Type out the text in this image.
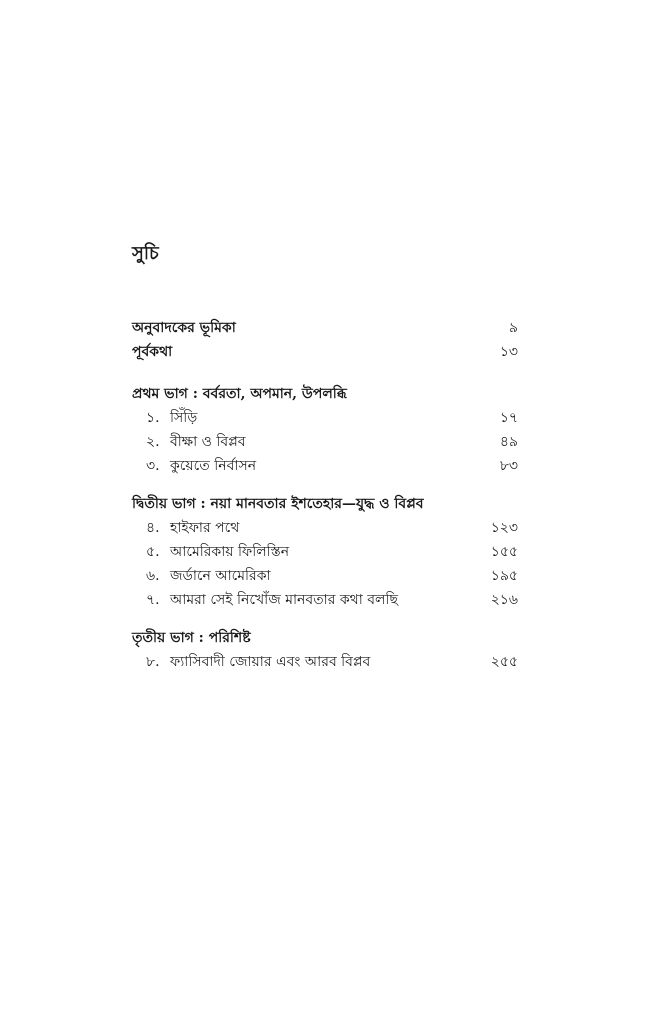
সুচি
অনুবাদকের ভূমিকা	৯
পূর্বকথা	১৩
প্রথম ভাগ : বর্বরতা, অপমান, উপলব্ধি
১. সিঁড়ি	১৭
২. বীক্ষা ও বিপ্লব	৪৯
৩. কুয়েতে নির্বাসন	৮৩
দ্বিতীয় ভাগ : নয়া মানবতার ইশতেহার—যুদ্ধ ও বিপ্লব
৪. হাইফার পথে	১২৩
৫. আমেরিকায় ফিলিস্তিন	১৫৫
৬. জর্ডানে আমেরিকা	১৯৫
৭. আমরা সেই নিখোঁজ মানবতার কথা বলছি	২১৬
তৃতীয় ভাগ : পরিশিষ্ট
৮. ফ্যাসিবাদী জোয়ার এবং আরব বিপ্লব	২৫৫
